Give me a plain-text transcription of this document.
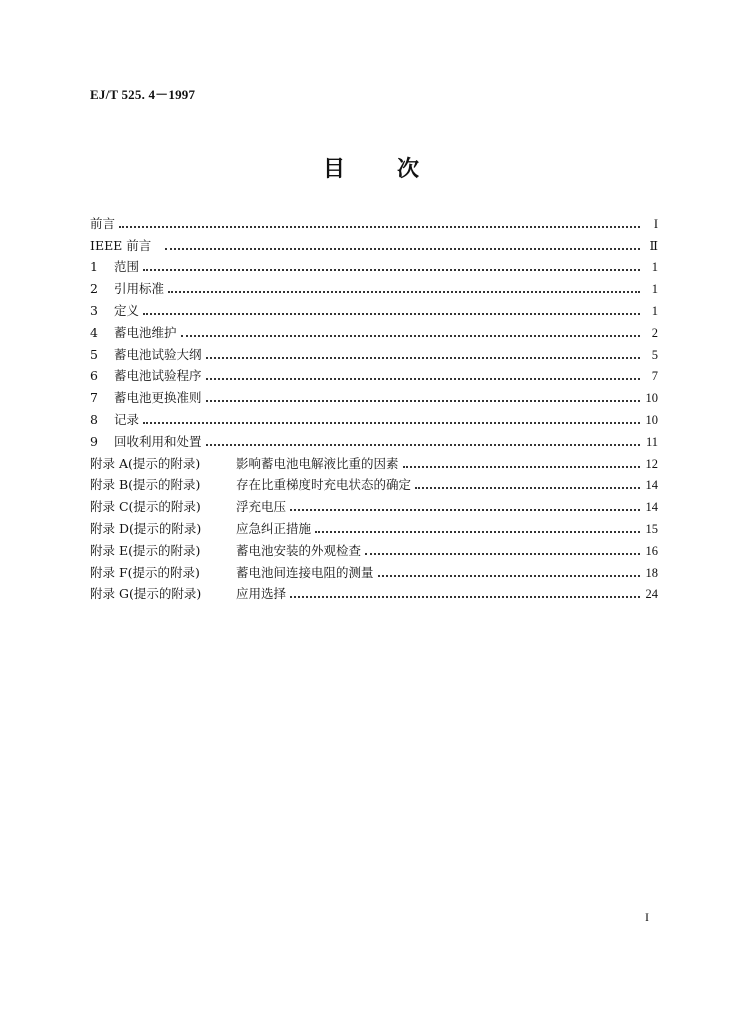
EJ/T 525. 4－1997
目次
前言	I
IEEE 前言	Ⅱ
1	范围	1
2	引用标准	1
3	定义	1
4	蓄电池维护	2
5	蓄电池试验大纲	5
6	蓄电池试验程序	7
7	蓄电池更换准则	10
8	记录	10
9	回收利用和处置	11
附录 A(提示的附录)	影响蓄电池电解液比重的因素	12
附录 B(提示的附录)	存在比重梯度时充电状态的确定	14
附录 C(提示的附录)	浮充电压	14
附录 D(提示的附录)	应急纠正措施	15
附录 E(提示的附录)	蓄电池安装的外观检查	16
附录 F(提示的附录)	蓄电池间连接电阻的测量	18
附录 G(提示的附录)	应用选择	24
I
